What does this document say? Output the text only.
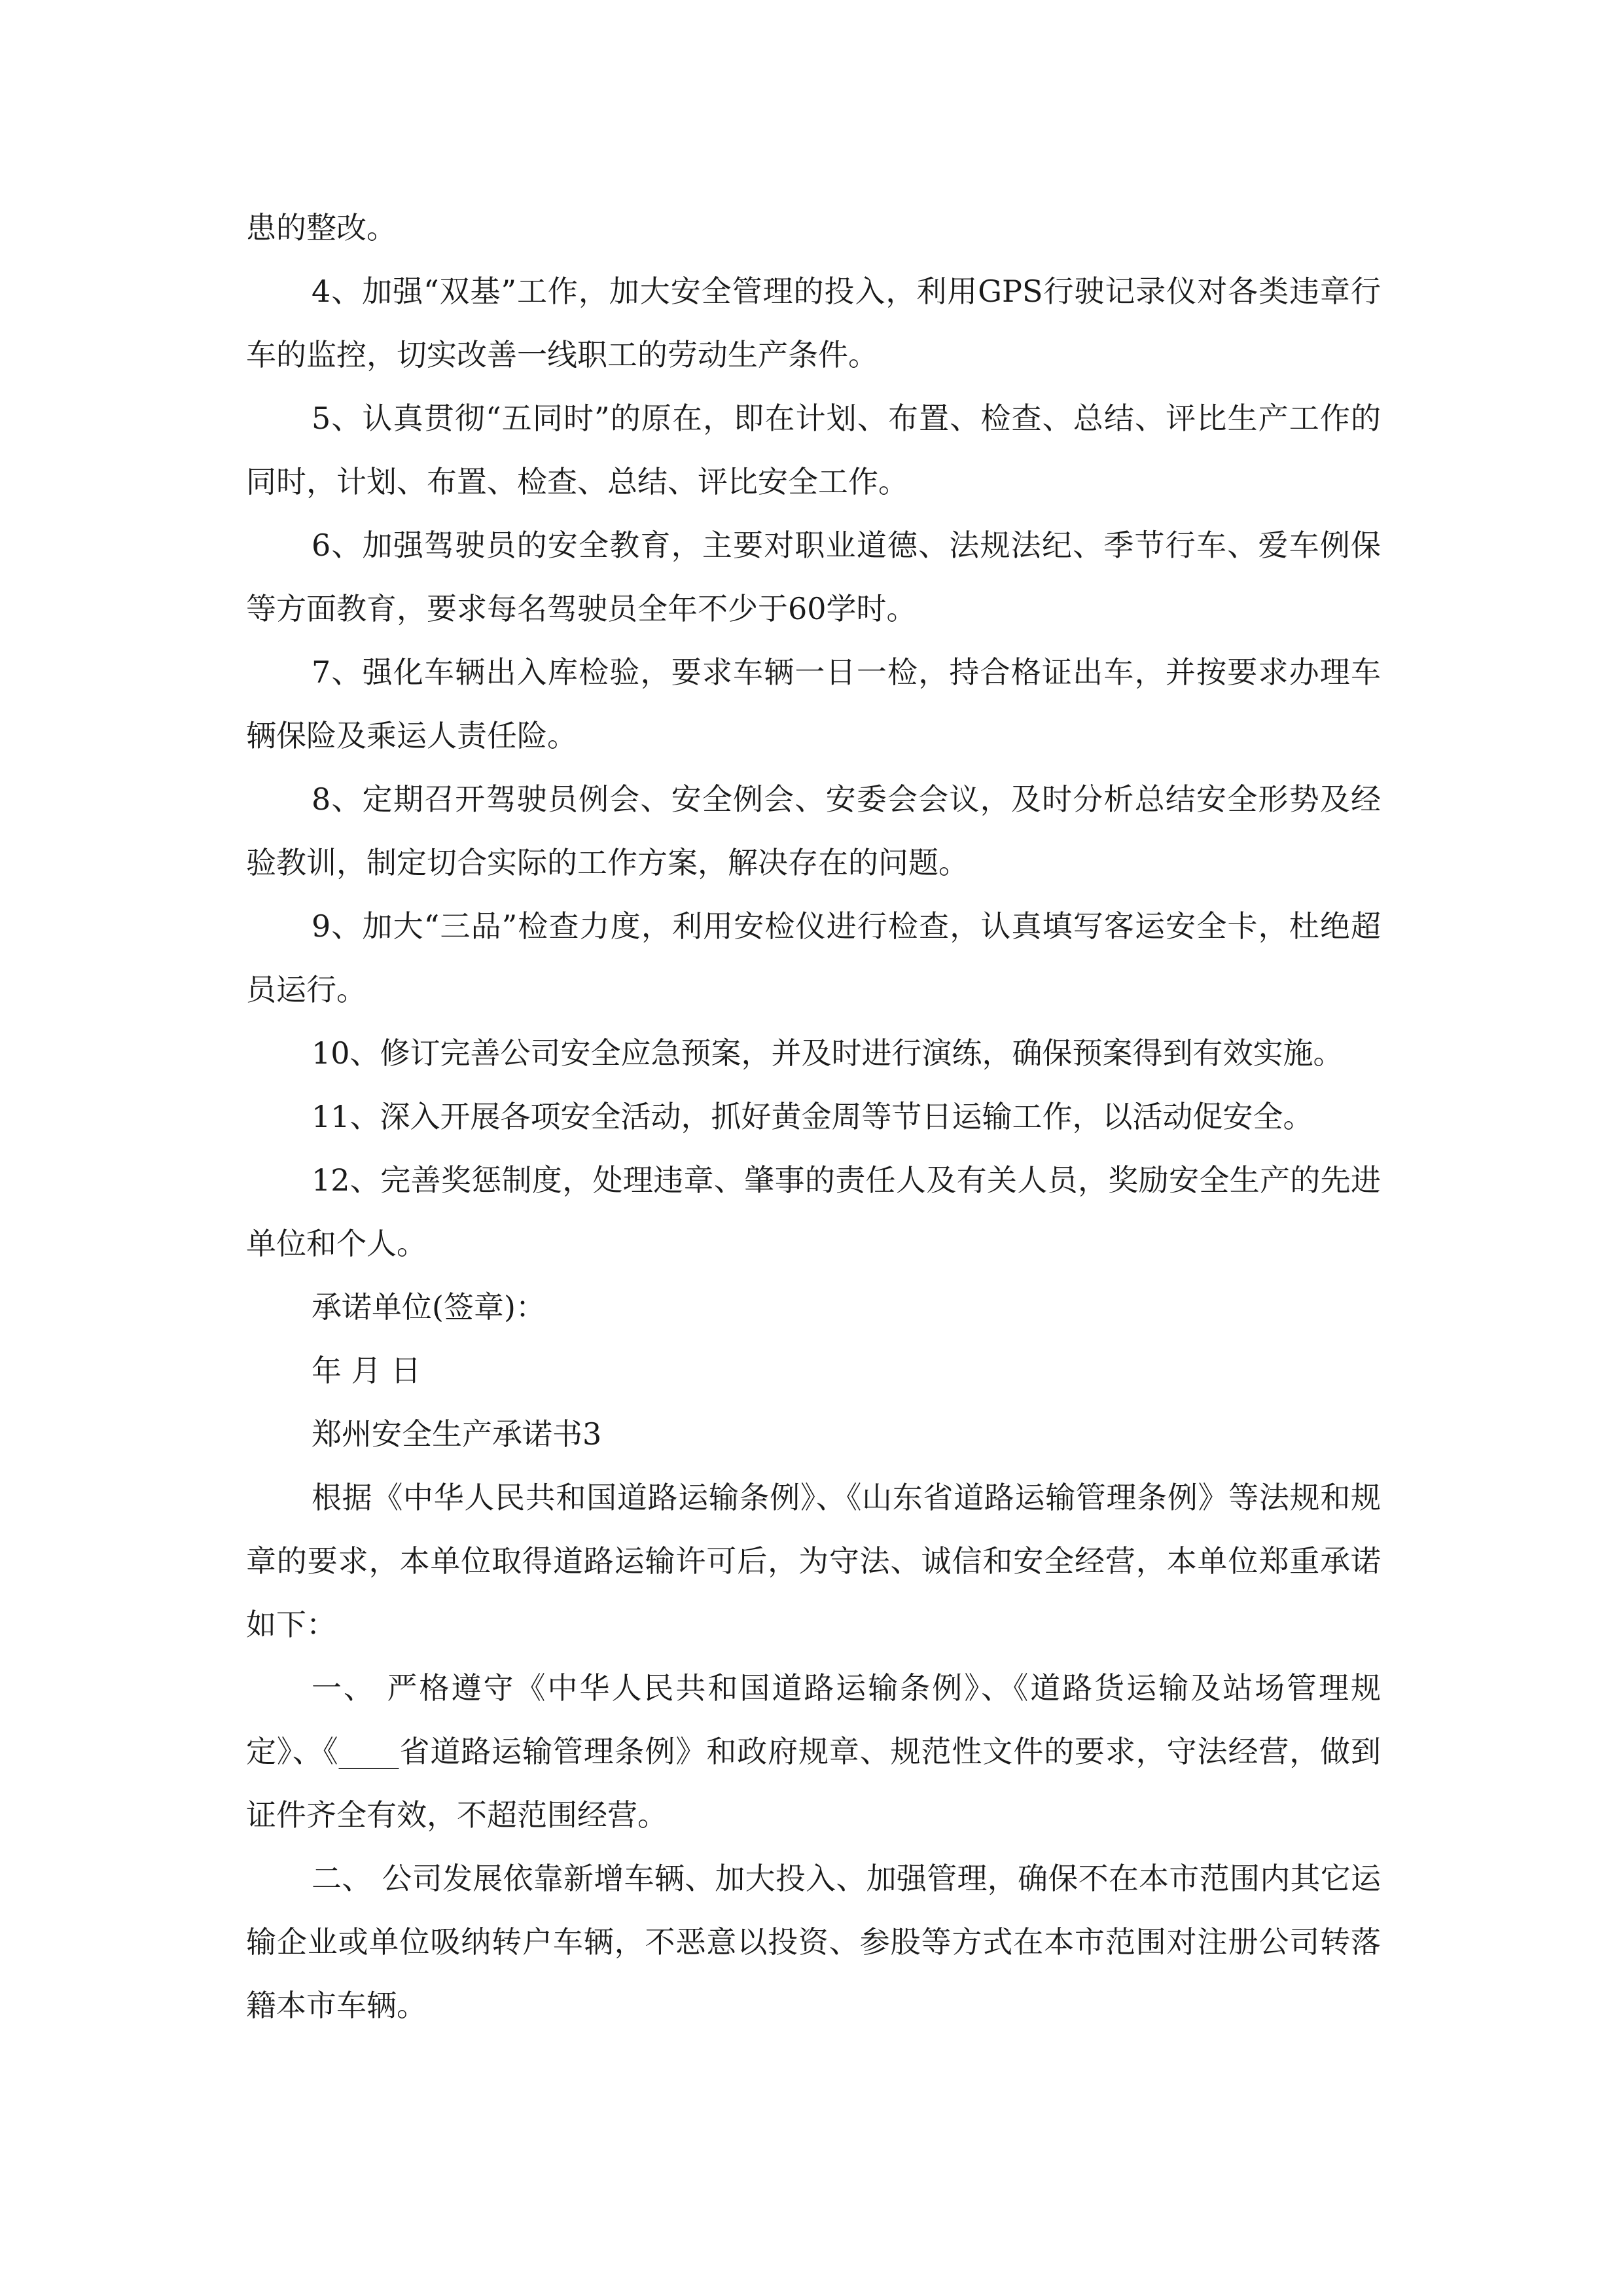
患的整改。

4、加强“双基”工作，加大安全管理的投入，利用GPS行驶记录仪对各类违章行车的监控，切实改善一线职工的劳动生产条件。

5、认真贯彻“五同时”的原在，即在计划、布置、检查、总结、评比生产工作的同时，计划、布置、检查、总结、评比安全工作。

6、加强驾驶员的安全教育，主要对职业道德、法规法纪、季节行车、爱车例保等方面教育，要求每名驾驶员全年不少于60学时。

7、强化车辆出入库检验，要求车辆一日一检，持合格证出车，并按要求办理车辆保险及乘运人责任险。

8、定期召开驾驶员例会、安全例会、安委会会议，及时分析总结安全形势及经验教训，制定切合实际的工作方案，解决存在的问题。

9、加大“三品”检查力度，利用安检仪进行检查，认真填写客运安全卡，杜绝超员运行。

10、修订完善公司安全应急预案，并及时进行演练，确保预案得到有效实施。

11、深入开展各项安全活动，抓好黄金周等节日运输工作，以活动促安全。

12、完善奖惩制度，处理违章、肇事的责任人及有关人员，奖励安全生产的先进单位和个人。

承诺单位(签章)：

年 月 日

郑州安全生产承诺书3

根据《中华人民共和国道路运输条例》、《山东省道路运输管理条例》等法规和规章的要求，本单位取得道路运输许可后，为守法、诚信和安全经营，本单位郑重承诺如下：

一、 严格遵守《中华人民共和国道路运输条例》、《道路货运输及站场管理规定》、《____省道路运输管理条例》和政府规章、规范性文件的要求，守法经营，做到证件齐全有效，不超范围经营。

二、 公司发展依靠新增车辆、加大投入、加强管理，确保不在本市范围内其它运输企业或单位吸纳转户车辆，不恶意以投资、参股等方式在本市范围对注册公司转落籍本市车辆。
